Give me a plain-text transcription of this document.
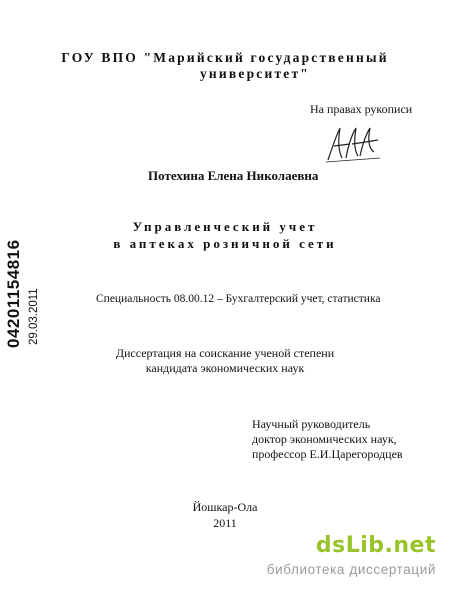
ГОУ ВПО "Марийский государственный
университет"
На правах рукописи
Потехина Елена Николаевна
Управленческий учет
в аптеках розничной сети
Специальность 08.00.12 – Бухгалтерский учет, статистика
Диссертация на соискание ученой степени
кандидата экономических наук
Научный руководитель
доктор экономических наук,
профессор Е.И.Царегородцев
Йошкар-Ола
2011
04201154816 29.03.2011
dsLib.net
библиотека диссертаций
